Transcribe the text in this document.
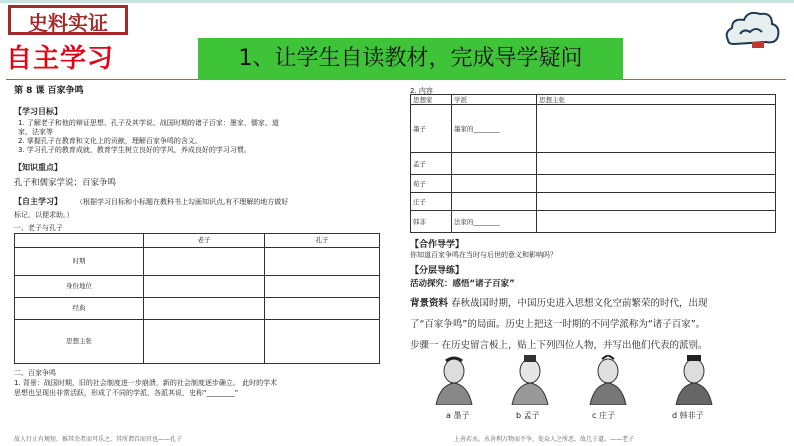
史料实证
自主学习	1、让学生自读教材，完成导学疑问
第 8 课 百家争鸣
【学习目标】
1. 了解老子和他的辩证思想、孔子及其学说、战国时期的诸子百家：墨家、儒家、道
家、法家等
2. 掌握孔子在教育和文化上的贡献，理解百家争鸣的含义。
3. 学习孔子的教育成就，教育学生树立良好的学风，养成良好的学习习惯。
【知识重点】
孔子和儒家学说；百家争鸣
【自主学习】 （根据学习目标和小标题在教科书上勾画知识点,有不理解的地方做好
标记，以便求助。）
一、老子与孔子
	老子	孔子
时期		
身份地位		
经典		
思想主张		
二、百家争鸣
1. 背景：战国时期，旧的社会制度进一步崩溃，新的社会制度逐步确立。 此时的学术
思想也呈现出非常活跃，形成了不同的学派，各派其说，史称“________”
2. 内容
思想家	学派	思想主张
墨子	墨家的________	
孟子		
荀子		
庄子		
韩非	法家的________	
【合作导学】
你知道百家争鸣在当时与后世的意义和影响吗？
【分层导练】
活动探究：感悟“诸子百家”
背景资料 春秋战国时期，中国历史进入思想文化空前繁荣的时代，出现
了“百家争鸣”的局面。历史上把这一时期的不同学派称为“诸子百家”。
步骤一 在历史留言板上，贴上下列四位人物，并写出他们代表的派别。
a 墨子	b 孟子	c 庄子	d 韩非子
故人行止有规矩，推其余者而可乐之，其所谓百而官也——孔子	上善若水，水善利万物而不争，处众人之所恶，故几于道。——老子
